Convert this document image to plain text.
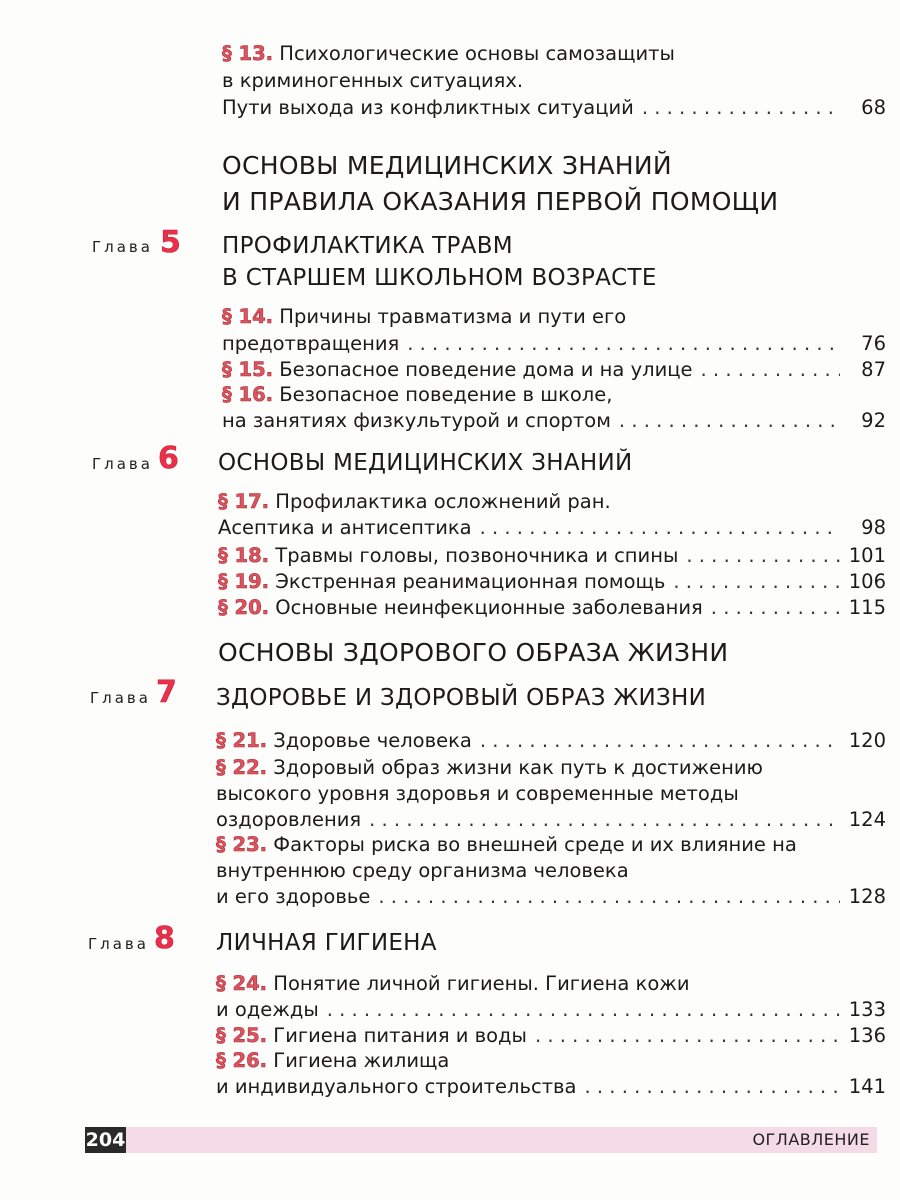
§ 13. Психологические основы самозащиты
в криминогенных ситуациях.
Пути выхода из конфликтных ситуаций . . .	68
ОСНОВЫ МЕДИЦИНСКИХ ЗНАНИЙ
И ПРАВИЛА ОКАЗАНИЯ ПЕРВОЙ ПОМОЩИ
Глава 5 ПРОФИЛАКТИКА ТРАВМ
В СТАРШЕМ ШКОЛЬНОМ ВОЗРАСТЕ
§ 14. Причины травматизма и пути его
предотвращения . . .	76
§ 15.
Безопасное поведение дома и на улице . . .	87
§ 16. Безопасное поведение в школе,
на занятиях физкультурой и спортом . . .	92
Глава 6 ОСНОВЫ МЕДИЦИНСКИХ ЗНАНИЙ
§ 17. Профилактика осложнений ран.
Асептика и антисептика . . .	98
§ 18.
Травмы головы, позвоночника и спины . . .	101
§ 19.
Экстренная реанимационная помощь . . .	106
§ 20.
Основные неинфекционные заболевания . . .	115
ОСНОВЫ ЗДОРОВОГО ОБРАЗА ЖИЗНИ
Глава 7 ЗДОРОВЬЕ И ЗДОРОВЫЙ ОБРАЗ ЖИЗНИ
§ 21.
Здоровье человека . . .	120
§ 22. Здоровый образ жизни как путь к достижению
высокого уровня здоровья и современные методы
оздоровления . . .	124
§ 23. Факторы риска во внешней среде и их влияние на
внутреннюю среду организма человека
и его здоровье . . .	128
Глава 8 ЛИЧНАЯ ГИГИЕНА
§ 24. Понятие личной гигиены. Гигиена кожи
и одежды . . .	133
§ 25.
Гигиена питания и воды . . .	136
§ 26. Гигиена жилища
и индивидуального строительства . . .	141
204	ОГЛАВЛЕНИЕ
